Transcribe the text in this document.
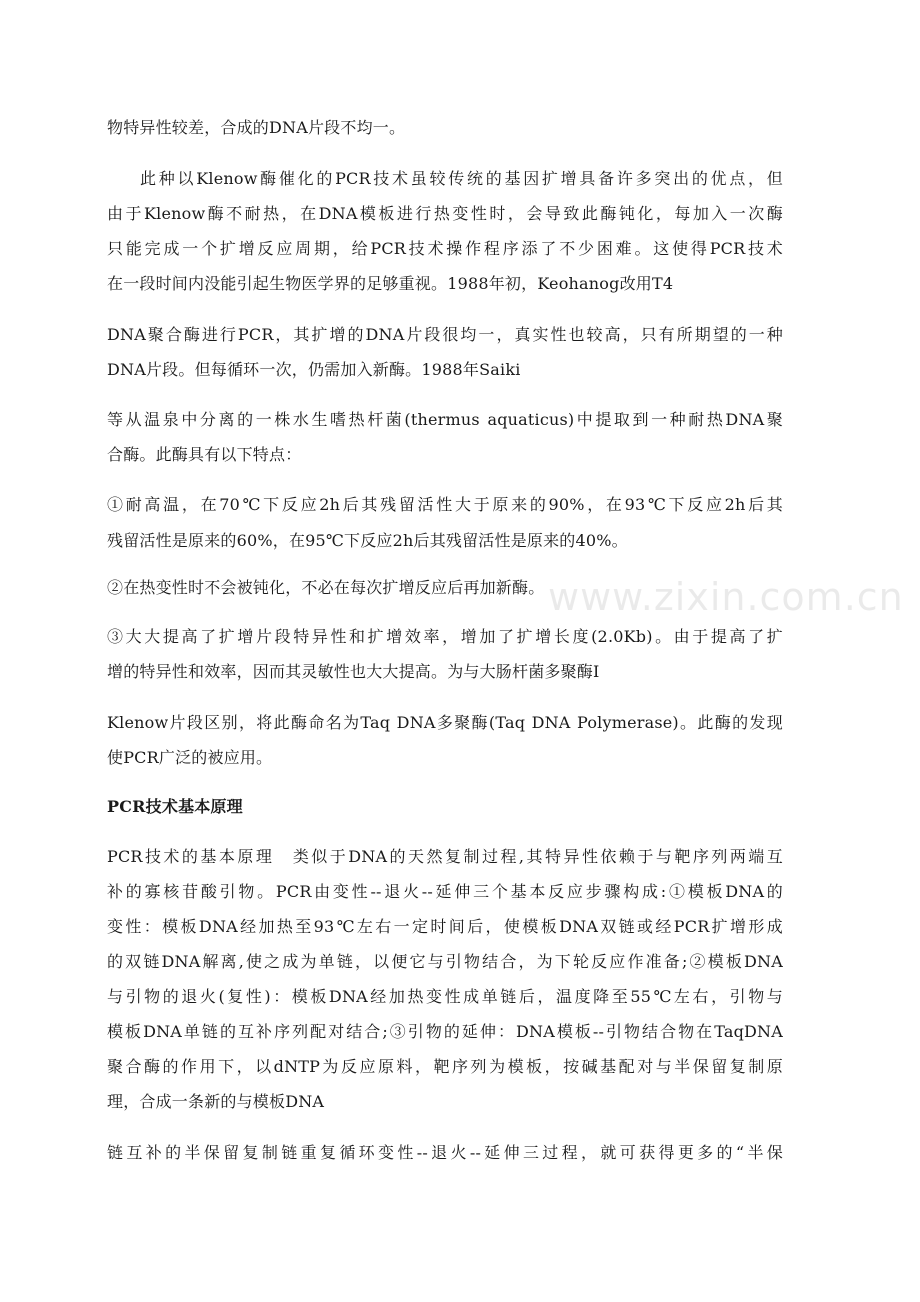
www.zixin.com.cn
物特异性较差，合成的DNA片段不均一。
此种以Klenow酶催化的PCR技术虽较传统的基因扩增具备许多突出的优点，但
由于Klenow酶不耐热，在DNA模板进行热变性时，会导致此酶钝化，每加入一次酶
只能完成一个扩增反应周期，给PCR技术操作程序添了不少困难。这使得PCR技术
在一段时间内没能引起生物医学界的足够重视。1988年初，Keohanog改用T4
DNA聚合酶进行PCR，其扩增的DNA片段很均一，真实性也较高，只有所期望的一种
DNA片段。但每循环一次，仍需加入新酶。1988年Saiki
等从温泉中分离的一株水生嗜热杆菌(thermus aquaticus)中提取到一种耐热DNA聚
合酶。此酶具有以下特点：
①耐高温，在70℃下反应2h后其残留活性大于原来的90%，在93℃下反应2h后其
残留活性是原来的60%，在95℃下反应2h后其残留活性是原来的40%。
②在热变性时不会被钝化，不必在每次扩增反应后再加新酶。
③大大提高了扩增片段特异性和扩增效率，增加了扩增长度(2.0Kb)。由于提高了扩
增的特异性和效率，因而其灵敏性也大大提高。为与大肠杆菌多聚酶I
Klenow片段区别，将此酶命名为Taq DNA多聚酶(Taq DNA Polymerase)。此酶的发现
使PCR广泛的被应用。
PCR技术基本原理
PCR技术的基本原理　类似于DNA的天然复制过程,其特异性依赖于与靶序列两端互
补的寡核苷酸引物。PCR由变性--退火--延伸三个基本反应步骤构成:①模板DNA的
变性：模板DNA经加热至93℃左右一定时间后，使模板DNA双链或经PCR扩增形成
的双链DNA解离,使之成为单链，以便它与引物结合，为下轮反应作准备;②模板DNA
与引物的退火(复性)：模板DNA经加热变性成单链后，温度降至55℃左右，引物与
模板DNA单链的互补序列配对结合;③引物的延伸：DNA模板--引物结合物在TaqDNA
聚合酶的作用下，以dNTP为反应原料，靶序列为模板，按碱基配对与半保留复制原
理，合成一条新的与模板DNA
链互补的半保留复制链重复循环变性--退火--延伸三过程，就可获得更多的“半保
